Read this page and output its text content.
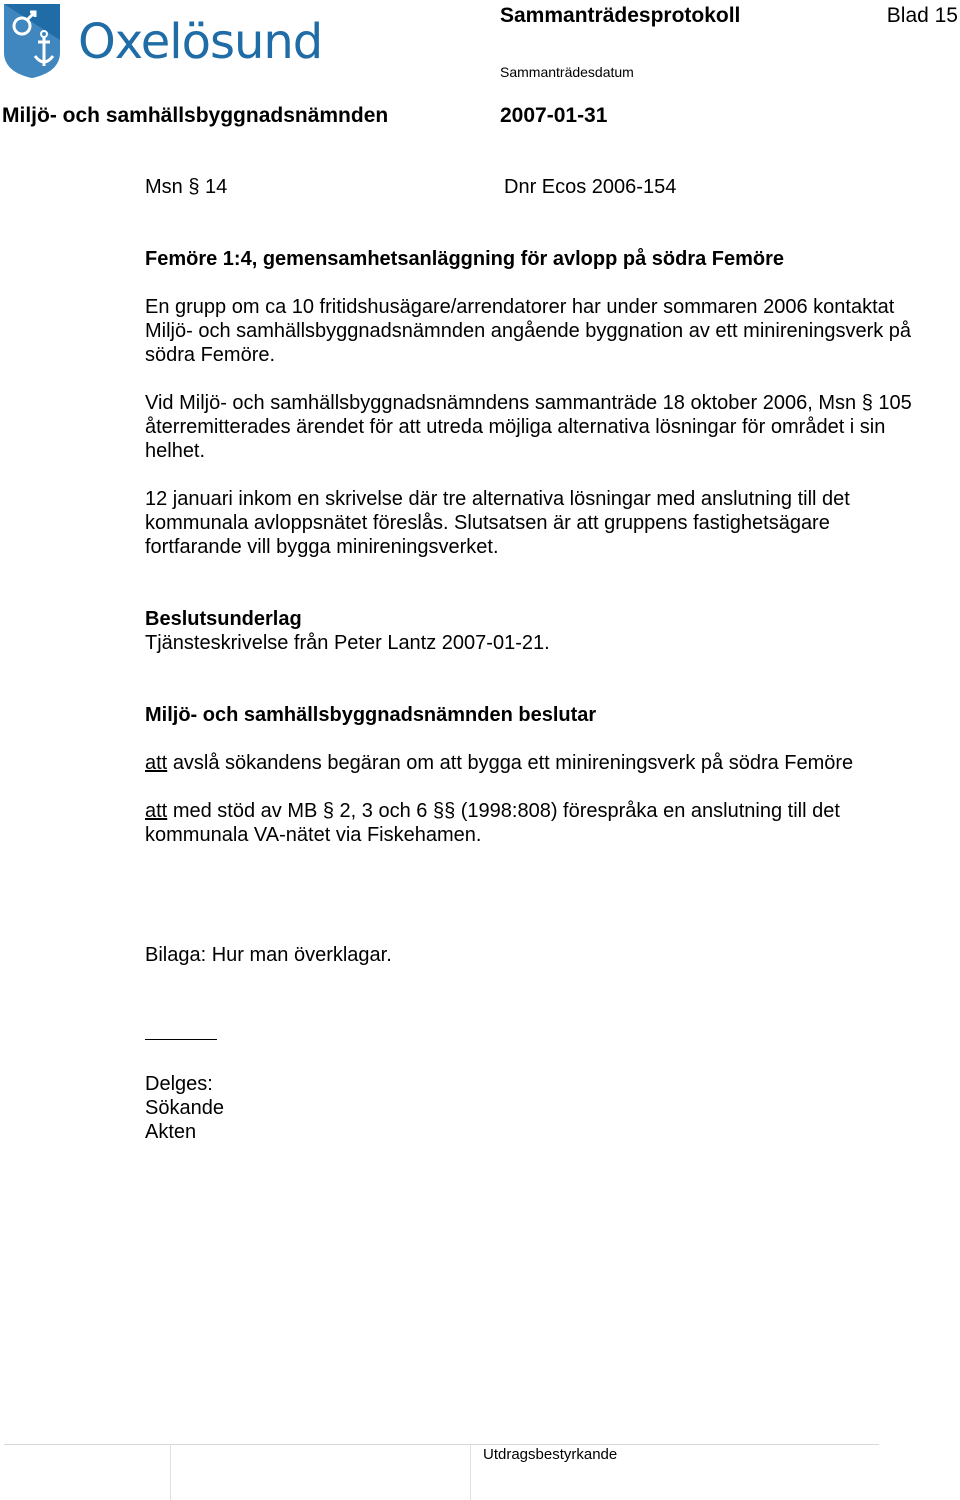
Oxelösund	Sammanträdesprotokoll	Blad 15
Sammanträdesdatum
Miljö- och samhällsbyggnadsnämnden	2007-01-31
Msn § 14	Dnr Ecos 2006-154

Femöre 1:4, gemensamhetsanläggning för avlopp på södra Femöre

En grupp om ca 10 fritidshusägare/arrendatorer har under sommaren 2006 kontaktat Miljö- och samhällsbyggnadsnämnden angående byggnation av ett minireningsverk på södra Femöre.

Vid Miljö- och samhällsbyggnadsnämndens sammanträde 18 oktober 2006, Msn § 105 återremitterades ärendet för att utreda möjliga alternativa lösningar för området i sin helhet.

12 januari inkom en skrivelse där tre alternativa lösningar med anslutning till det kommunala avloppsnätet föreslås. Slutsatsen är att gruppens fastighetsägare fortfarande vill bygga minireningsverket.

Beslutsunderlag

Tjänsteskrivelse från Peter Lantz 2007-01-21.

Miljö- och samhällsbyggnadsnämnden beslutar

att avslå sökandens begäran om att bygga ett minireningsverk på södra Femöre

att med stöd av MB § 2, 3 och 6 §§ (1998:808) förespråka en anslutning till det kommunala VA-nätet via Fiskehamen.

Bilaga: Hur man överklagar.

Delges:

Sökande

Akten

Utdragsbestyrkande
